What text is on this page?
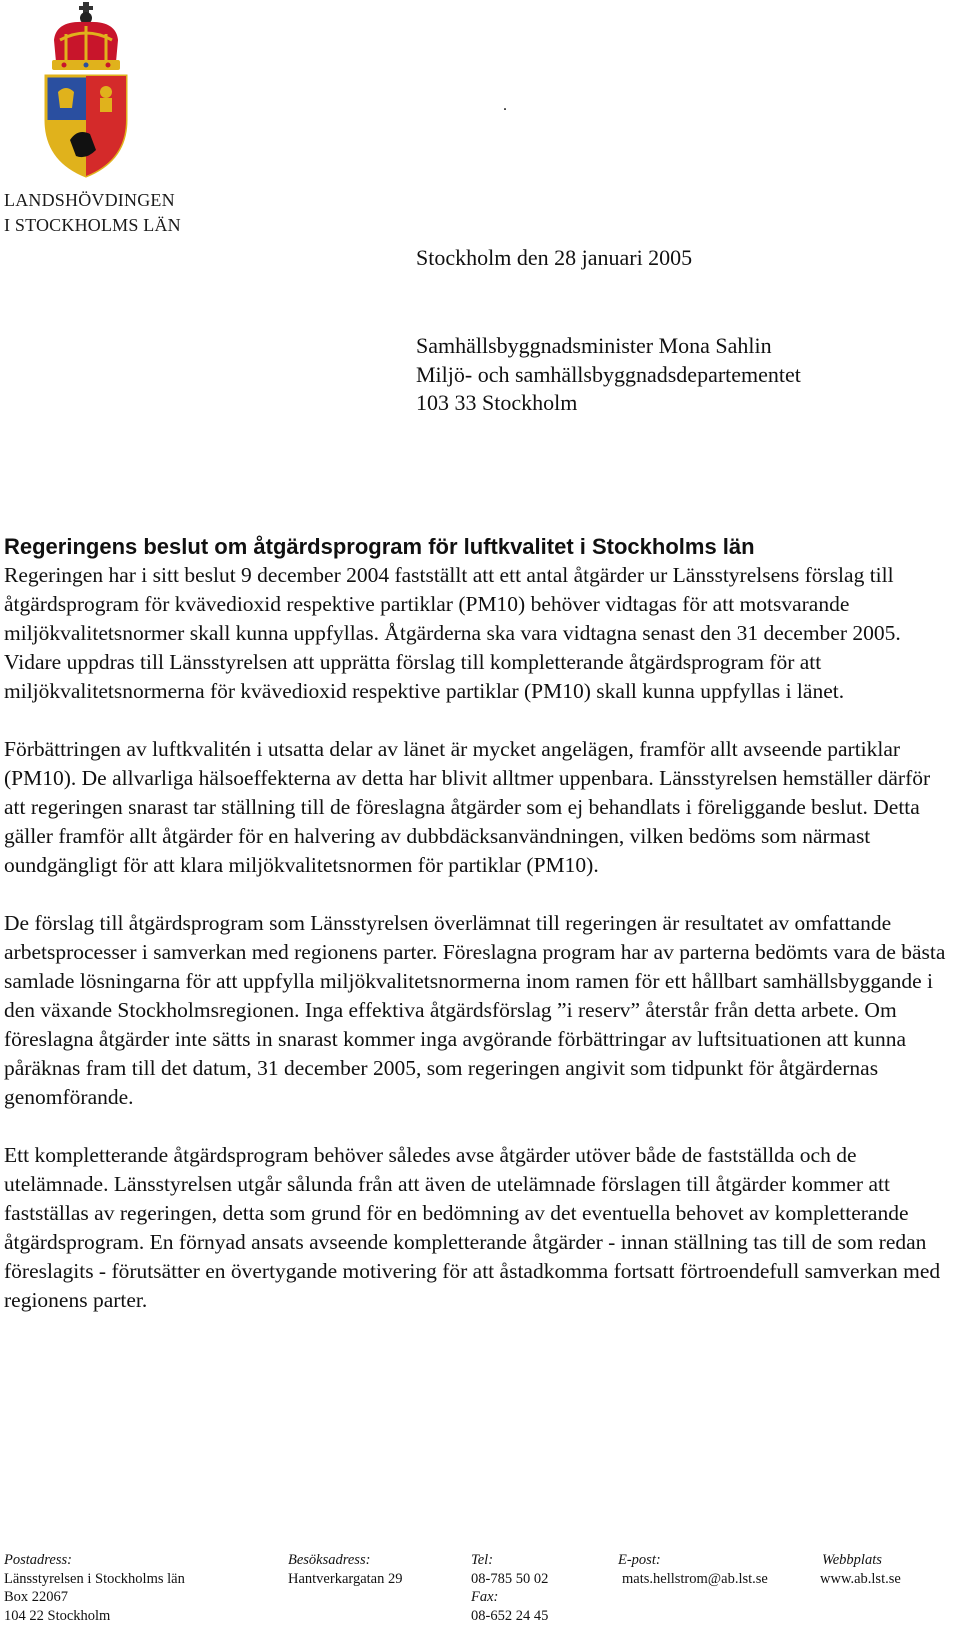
LANDSHÖVDINGEN
I STOCKHOLMS LÄN
.
Stockholm den 28 januari 2005
Samhällsbyggnadsminister Mona Sahlin
Miljö- och samhällsbyggnadsdepartementet
103 33 Stockholm
Regeringens beslut om åtgärdsprogram för luftkvalitet i Stockholms län

Regeringen har i sitt beslut 9 december 2004 fastställt att ett antal åtgärder ur Länsstyrelsens förslag till åtgärdsprogram för kvävedioxid respektive partiklar (PM10) behöver vidtagas för att motsvarande miljökvalitetsnormer skall kunna uppfyllas. Åtgärderna ska vara vidtagna senast den 31 december 2005. Vidare uppdras till Länsstyrelsen att upprätta förslag till kompletterande åtgärdsprogram för att miljökvalitetsnormerna för kvävedioxid respektive partiklar (PM10) skall kunna uppfyllas i länet.

Förbättringen av luftkvalitén i utsatta delar av länet är mycket angelägen, framför allt avseende partiklar (PM10). De allvarliga hälsoeffekterna av detta har blivit alltmer uppenbara. Länsstyrelsen hemställer därför att regeringen snarast tar ställning till de föreslagna åtgärder som ej behandlats i föreliggande beslut. Detta gäller framför allt åtgärder för en halvering av dubbdäcksanvändningen, vilken bedöms som närmast oundgängligt för att klara miljökvalitetsnormen för partiklar (PM10).

De förslag till åtgärdsprogram som Länsstyrelsen överlämnat till regeringen är resultatet av omfattande arbetsprocesser i samverkan med regionens parter. Föreslagna program har av parterna bedömts vara de bästa samlade lösningarna för att uppfylla miljökvalitetsnormerna inom ramen för ett hållbart samhällsbyggande i den växande Stockholmsregionen. Inga effektiva åtgärdsförslag ”i reserv” återstår från detta arbete. Om föreslagna åtgärder inte sätts in snarast kommer inga avgörande förbättringar av luftsituationen att kunna påräknas fram till det datum, 31 december 2005, som regeringen angivit som tidpunkt för åtgärdernas genomförande.

Ett kompletterande åtgärdsprogram behöver således avse åtgärder utöver både de fastställda och de utelämnade. Länsstyrelsen utgår sålunda från att även de utelämnade förslagen till åtgärder kommer att fastställas av regeringen, detta som grund för en bedömning av det eventuella behovet av kompletterande åtgärdsprogram. En förnyad ansats avseende kompletterande åtgärder - innan ställning tas till de som redan föreslagits - förutsätter en övertygande motivering för att åstadkomma fortsatt förtroendefull samverkan med regionens parter.

Postadress:
Länsstyrelsen i Stockholms län
Box 22067
104 22 Stockholm
Besöksadress:
Hantverkargatan 29
Tel:
08-785 50 02
Fax:
08-652 24 45
E-post:
mats.hellstrom@ab.lst.se
Webbplats
www.ab.lst.se
